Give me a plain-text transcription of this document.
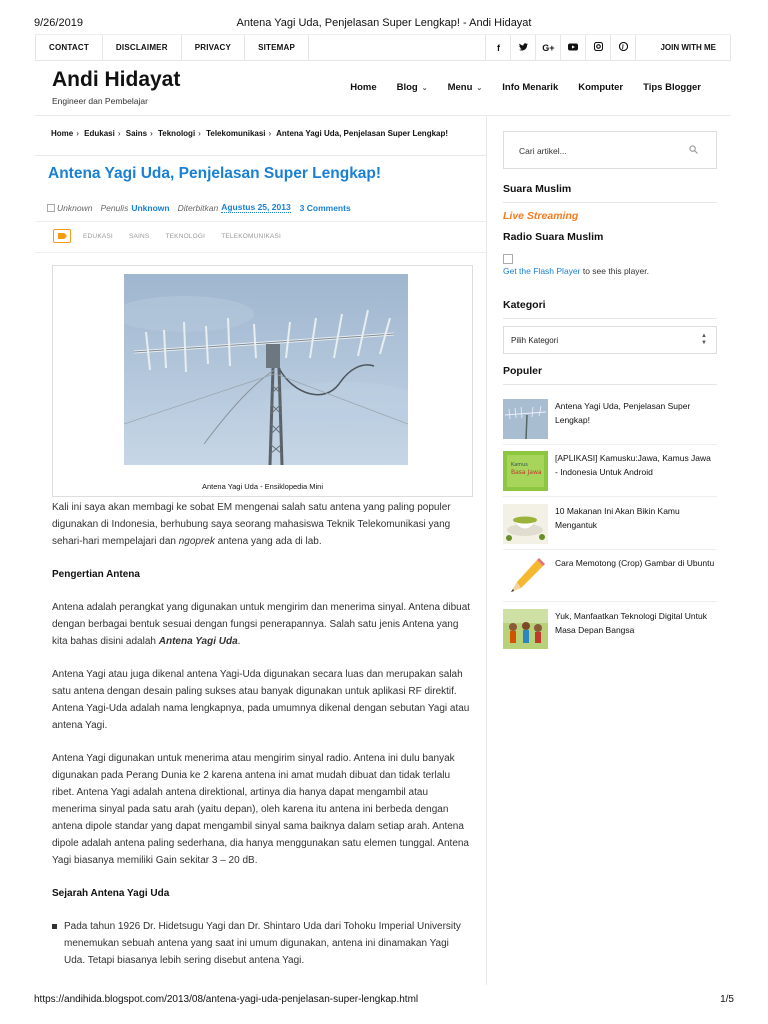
9/26/2019	Antena Yagi Uda, Penjelasan Super Lengkap! - Andi Hidayat
CONTACT	DISCLAIMER	PRIVACY	SITEMAP	f	G+	JOIN WITH ME
Andi Hidayat
Engineer dan Pembelajar
Home	Blog ⌄	Menu ⌄	Info Menarik	Komputer	Tips Blogger
Home › Edukasi › Sains › Teknologi › Telekomunikasi › Antena Yagi Uda, Penjelasan Super Lengkap!
Antena Yagi Uda, Penjelasan Super Lengkap!
Unknown Penulis Unknown Diterbitkan Agustus 25, 2013 3 Comments
EDUKASI SAINS TEKNOLOGI TELEKOMUNIKASI
Antena Yagi Uda - Ensiklopedia Mini

Kali ini saya akan membagi ke sobat EM mengenai salah satu antena yang paling populer digunakan di Indonesia, berhubung saya seorang mahasiswa Teknik Telekomunikasi yang sehari-hari mempelajari dan ngoprek antena yang ada di lab.

Pengertian Antena

Antena adalah perangkat yang digunakan untuk mengirim dan menerima sinyal. Antena dibuat dengan berbagai bentuk sesuai dengan fungsi penerapannya. Salah satu jenis Antena yang kita bahas disini adalah Antena Yagi Uda.

Antena Yagi atau juga dikenal antena Yagi-Uda digunakan secara luas dan merupakan salah satu antena dengan desain paling sukses atau banyak digunakan untuk aplikasi RF direktif. Antena Yagi-Uda adalah nama lengkapnya, pada umumnya dikenal dengan sebutan Yagi atau antena Yagi.

Antena Yagi digunakan untuk menerima atau mengirim sinyal radio. Antena ini dulu banyak digunakan pada Perang Dunia ke 2 karena antena ini amat mudah dibuat dan tidak terlalu ribet. Antena Yagi adalah antena direktional, artinya dia hanya dapat mengambil atau menerima sinyal pada satu arah (yaitu depan), oleh karena itu antena ini berbeda dengan antena dipole standar yang dapat mengambil sinyal sama baiknya dalam setiap arah. Antena dipole adalah antena paling sederhana, dia hanya menggunakan satu elemen tunggal. Antena Yagi biasanya memiliki Gain sekitar 3 – 20 dB.

Sejarah Antena Yagi Uda
Pada tahun 1926 Dr. Hidetsugu Yagi dan Dr. Shintaro Uda dari Tohoku Imperial University menemukan sebuah antena yang saat ini umum digunakan, antena ini dinamakan Yagi Uda. Tetapi biasanya lebih sering disebut antena Yagi.
Cari artikel...
Suara Muslim
Live Streaming
Radio Suara Muslim
Get the Flash Player to see this player.
Kategori
Pilih Kategori	▲
▼
Populer
Antena Yagi Uda, Penjelasan Super Lengkap!
Kamus
Basa Jawa
[APLIKASI] Kamusku:Jawa, Kamus Jawa - Indonesia Untuk Android
10 Makanan Ini Akan Bikin Kamu Mengantuk
Cara Memotong (Crop) Gambar di Ubuntu
Yuk, Manfaatkan Teknologi Digital Untuk Masa Depan Bangsa
https://andihida.blogspot.com/2013/08/antena-yagi-uda-penjelasan-super-lengkap.html	1/5
